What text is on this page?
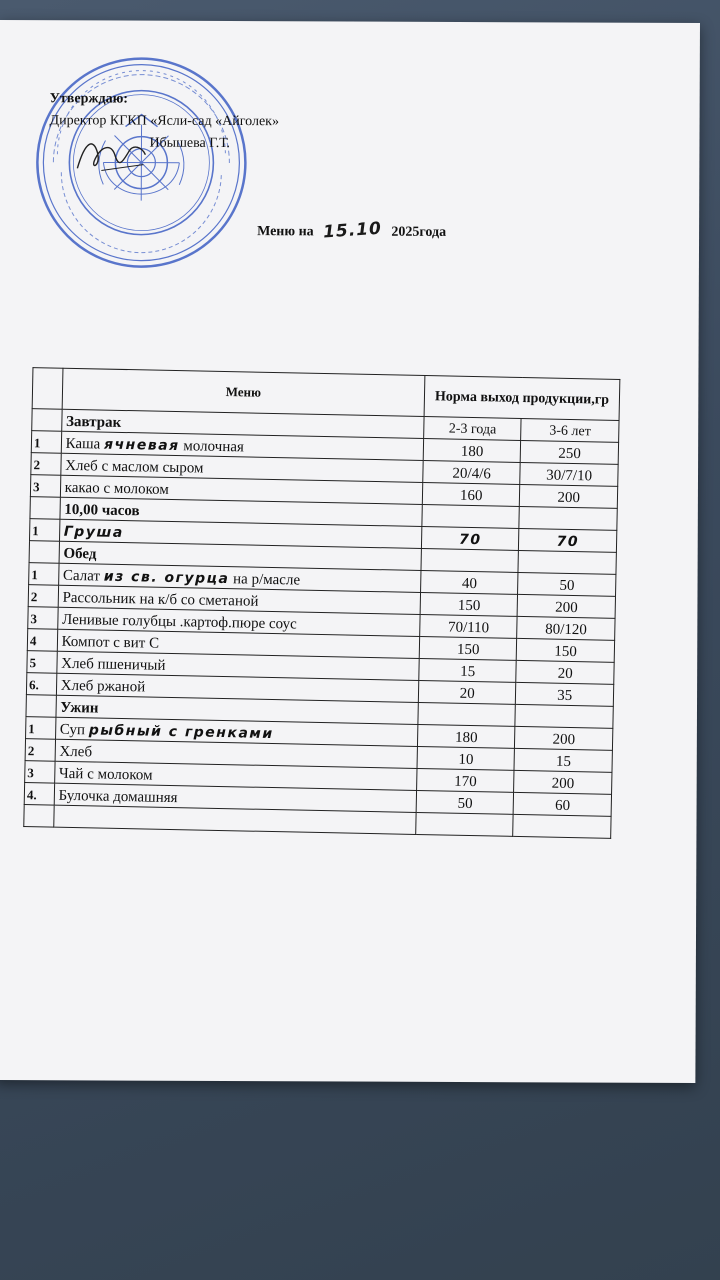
Утверждаю:
Директор КГКП «Ясли-сад «Айголек»
Ибышева Г.Т.
Меню на 15.10 2025года
	Меню	Норма выход продукции,гр	
	Завтрак	2-3 года	3-6 лет
1	Каша ячневая молочная	180	250
2	Хлеб с маслом сыром	20/4/6	30/7/10
3	какао с молоком	160	200
	10,00 часов		
1	Груша	70	70
	Обед		
1	Салат из св. огурца на р/масле	40	50
2	Рассольник на к/б со сметаной	150	200
3	Ленивые голубцы .картоф.пюре соус	70/110	80/120
4	Компот с вит С	150	150
5	Хлеб пшеничый	15	20
6.	Хлеб ржаной	20	35
	Ужин		
1	Суп рыбный с гренками	180	200
2	Хлеб	10	15
3	Чай с молоком	170	200
4.	Булочка домашняя	50	60
